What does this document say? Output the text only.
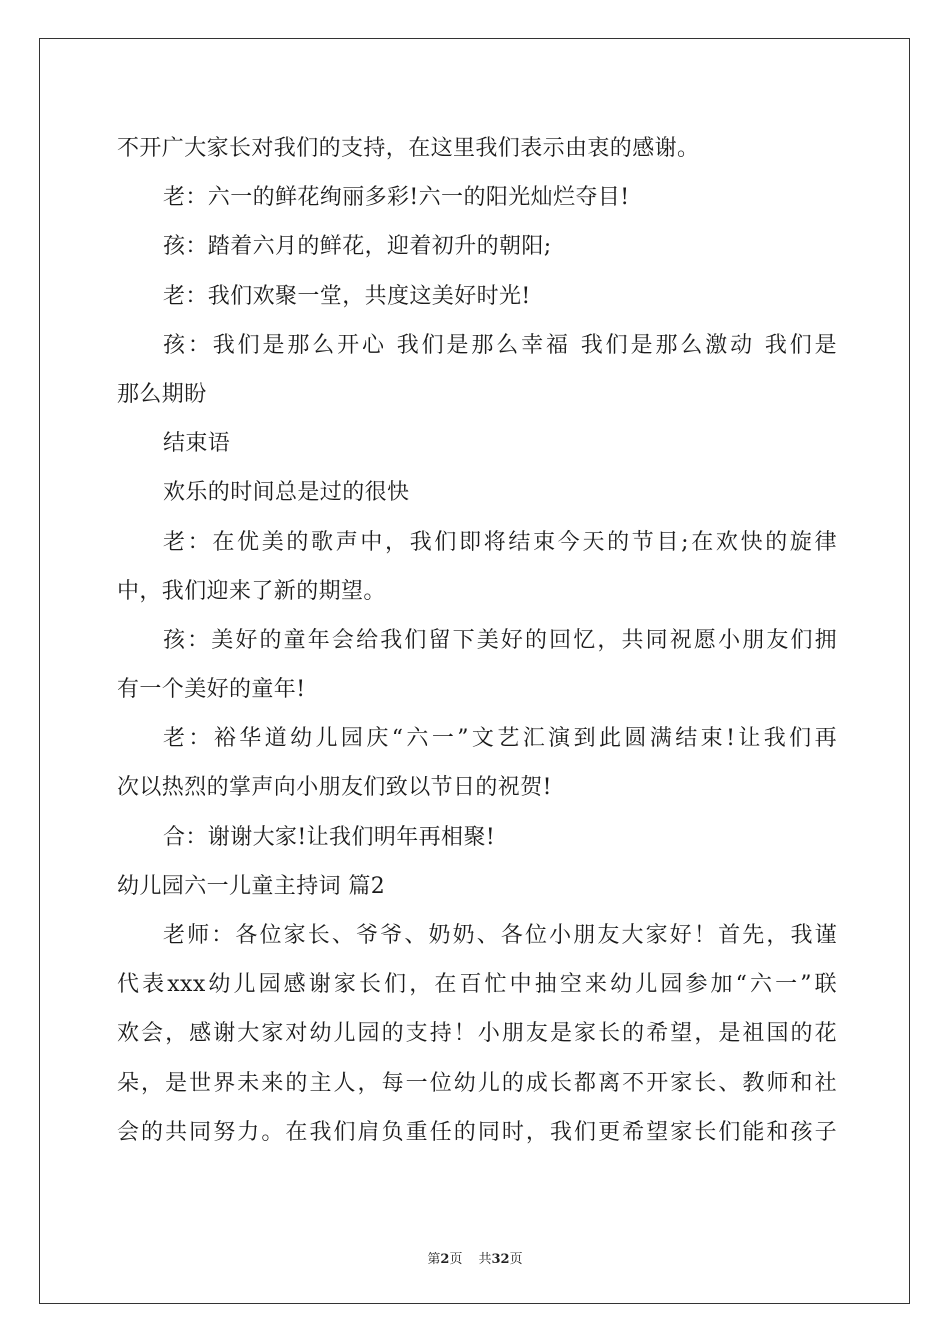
不开广大家长对我们的支持，在这里我们表示由衷的感谢。
老：六一的鲜花绚丽多彩!六一的阳光灿烂夺目!
孩：踏着六月的鲜花，迎着初升的朝阳;
老：我们欢聚一堂，共度这美好时光!
孩：我们是那么开心 我们是那么幸福 我们是那么激动 我们是
那么期盼
结束语
欢乐的时间总是过的很快
老：在优美的歌声中，我们即将结束今天的节目;在欢快的旋律
中，我们迎来了新的期望。
孩：美好的童年会给我们留下美好的回忆，共同祝愿小朋友们拥
有一个美好的童年!
老：裕华道幼儿园庆“六一”文艺汇演到此圆满结束!让我们再
次以热烈的掌声向小朋友们致以节日的祝贺!
合：谢谢大家!让我们明年再相聚!
幼儿园六一儿童主持词 篇2
老师：各位家长、爷爷、奶奶、各位小朋友大家好！首先，我谨
代表xxx幼儿园感谢家长们，在百忙中抽空来幼儿园参加“六一”联
欢会，感谢大家对幼儿园的支持！小朋友是家长的希望，是祖国的花
朵，是世界未来的主人，每一位幼儿的成长都离不开家长、教师和社
会的共同努力。在我们肩负重任的同时，我们更希望家长们能和孩子
第2页 共32页
